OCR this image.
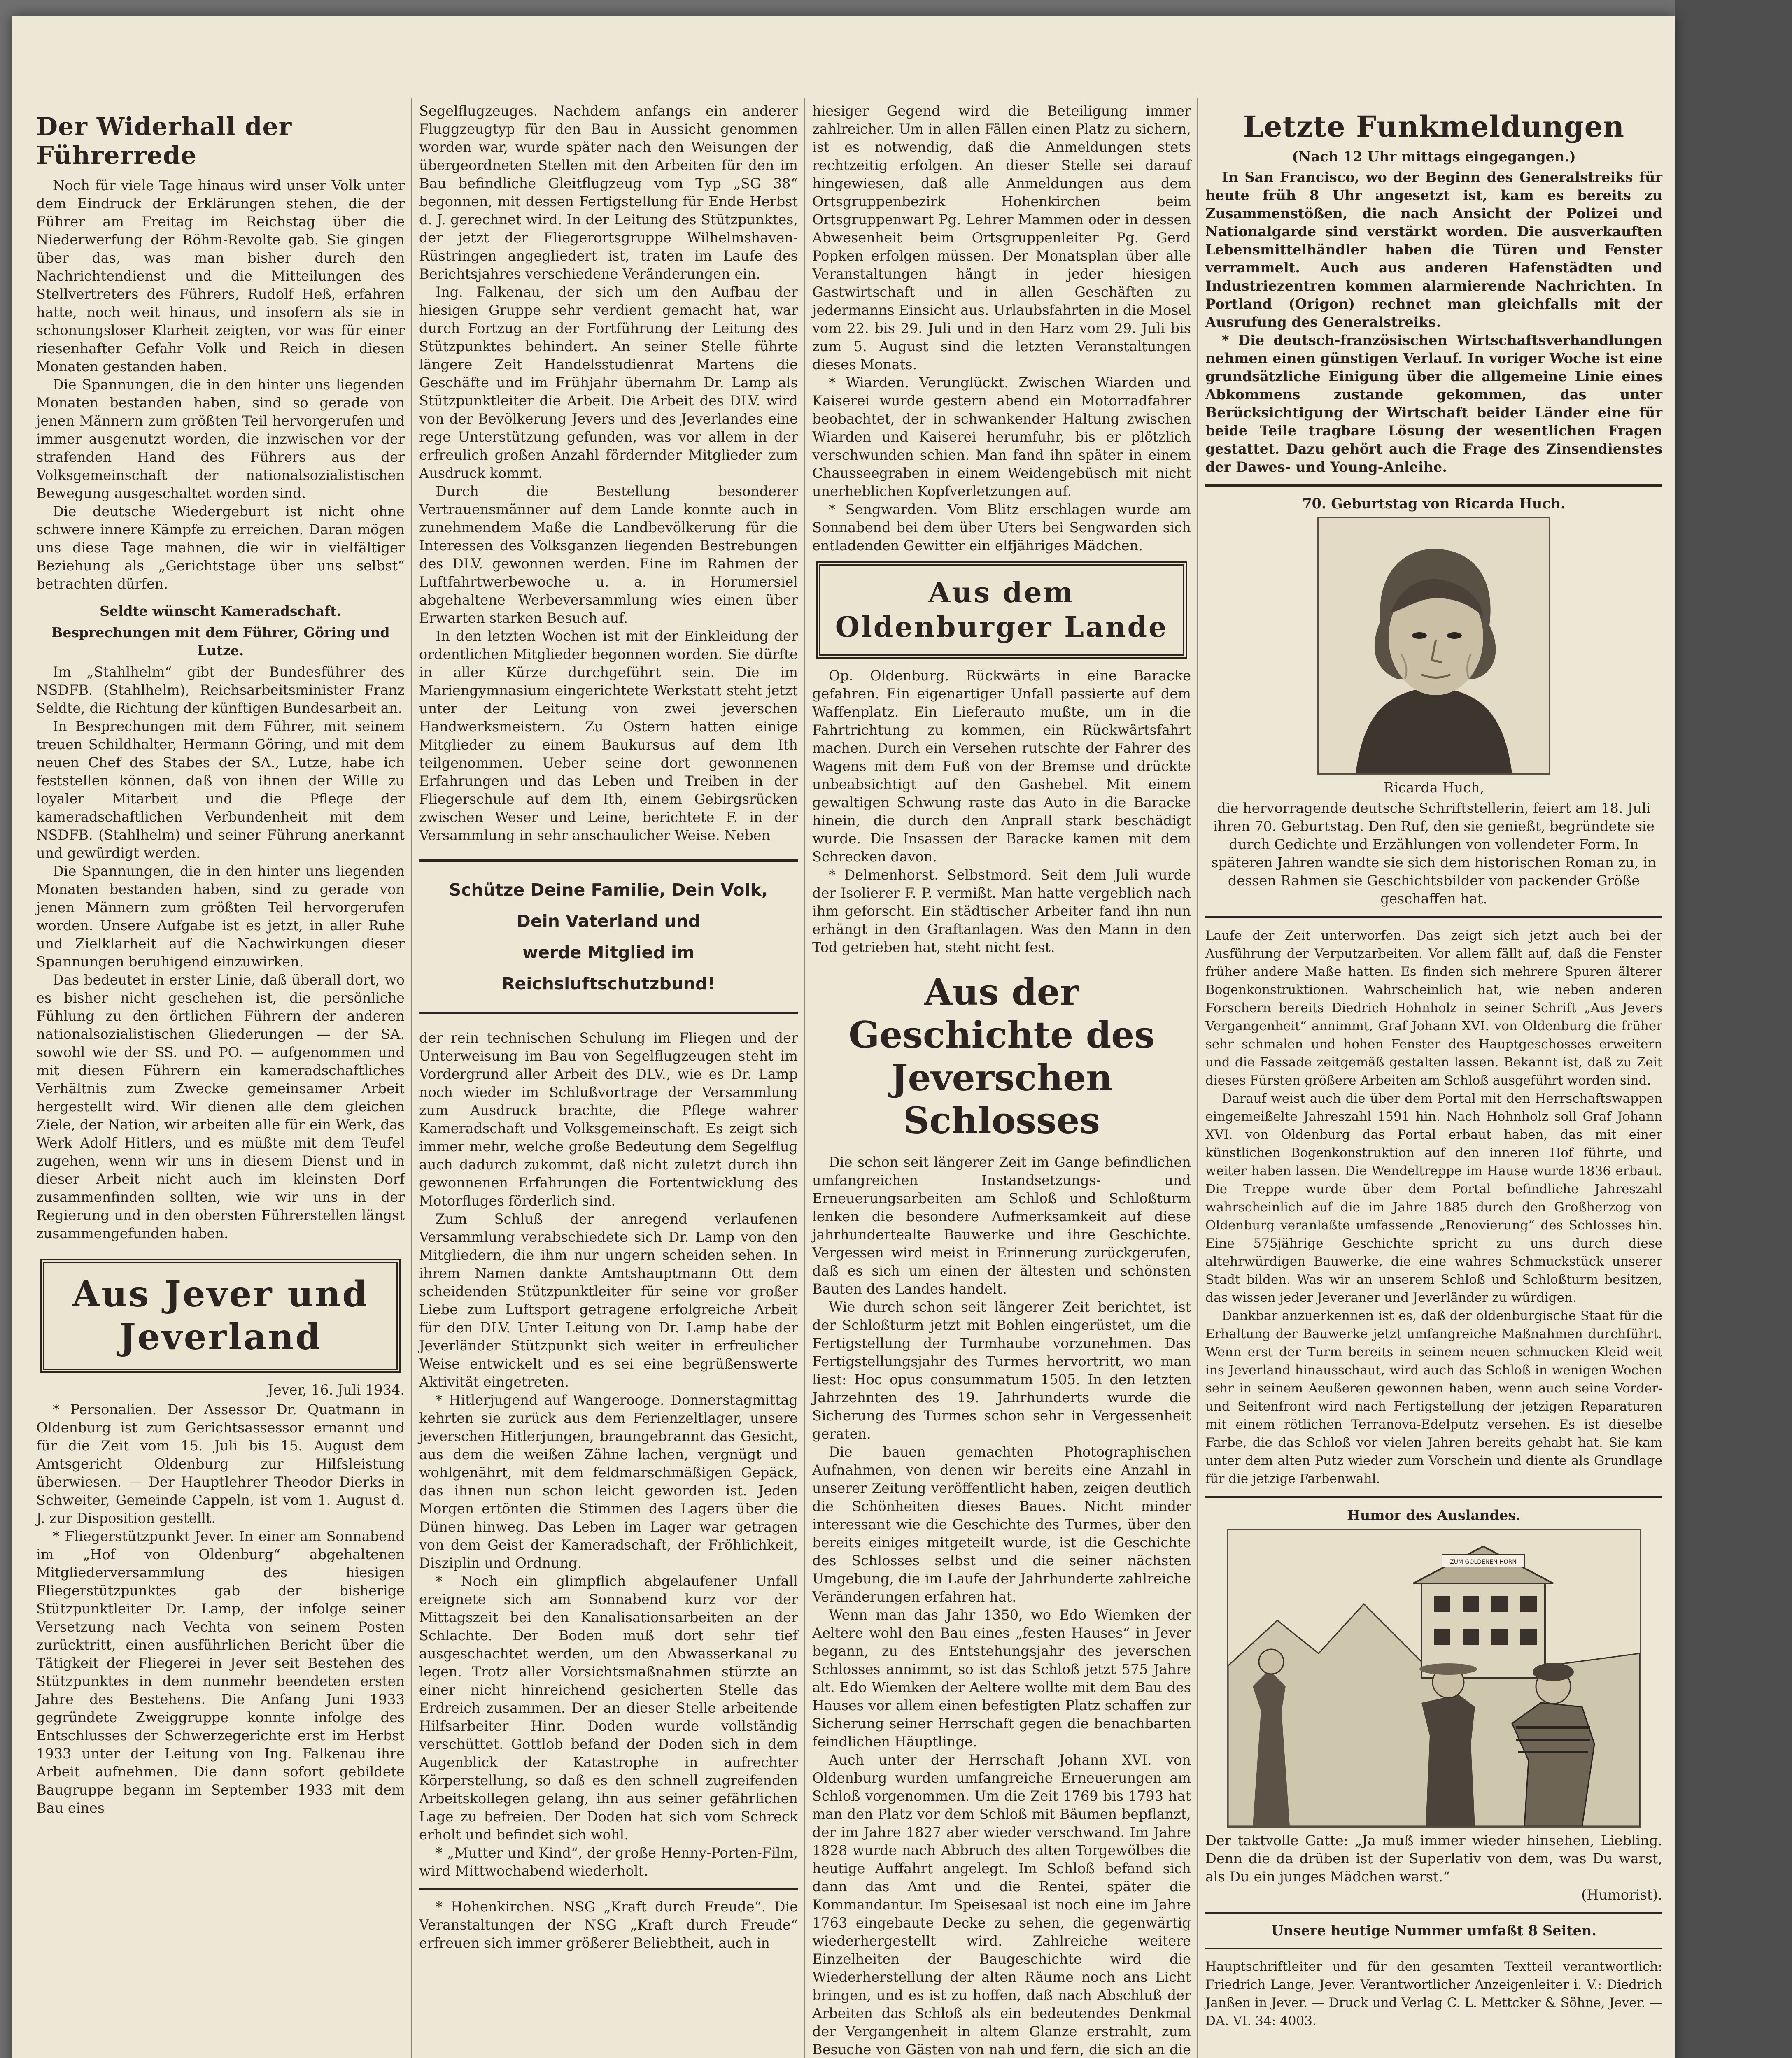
Der Widerhall der Führerrede

Noch für viele Tage hinaus wird unser Volk unter dem Eindruck der Erklärungen stehen, die der Führer am Freitag im Reichstag über die Niederwerfung der Röhm-Revolte gab. Sie gingen über das, was man bisher durch den Nachrichtendienst und die Mitteilungen des Stellvertreters des Führers, Rudolf Heß, erfahren hatte, noch weit hinaus, und insofern als sie in schonungsloser Klarheit zeigten, vor was für einer riesenhafter Gefahr Volk und Reich in diesen Monaten gestanden haben.

Die Spannungen, die in den hinter uns liegenden Monaten bestanden haben, sind so gerade von jenen Männern zum größten Teil hervorgerufen und immer ausgenutzt worden, die inzwischen vor der strafenden Hand des Führers aus der Volksgemeinschaft der nationalsozialistischen Bewegung ausgeschaltet worden sind.

Die deutsche Wiedergeburt ist nicht ohne schwere innere Kämpfe zu erreichen. Daran mögen uns diese Tage mahnen, die wir in vielfältiger Beziehung als „Gerichtstage über uns selbst“ betrachten dürfen.

Seldte wünscht Kameradschaft.
Besprechungen mit dem Führer, Göring und Lutze.

Im „Stahlhelm“ gibt der Bundesführer des NSDFB. (Stahlhelm), Reichsarbeitsminister Franz Seldte, die Richtung der künftigen Bundesarbeit an.

In Besprechungen mit dem Führer, mit seinem treuen Schildhalter, Hermann Göring, und mit dem neuen Chef des Stabes der SA., Lutze, habe ich feststellen können, daß von ihnen der Wille zu loyaler Mitarbeit und die Pflege der kameradschaftlichen Verbundenheit mit dem NSDFB. (Stahlhelm) und seiner Führung anerkannt und gewürdigt werden.

Die Spannungen, die in den hinter uns liegenden Monaten bestanden haben, sind zu gerade von jenen Männern zum größten Teil hervorgerufen worden. Unsere Aufgabe ist es jetzt, in aller Ruhe und Zielklarheit auf die Nachwirkungen dieser Spannungen beruhigend einzuwirken.

Das bedeutet in erster Linie, daß überall dort, wo es bisher nicht geschehen ist, die persönliche Fühlung zu den örtlichen Führern der anderen nationalsozialistischen Gliederungen — der SA. sowohl wie der SS. und PO. — aufgenommen und mit diesen Führern ein kameradschaftliches Verhältnis zum Zwecke gemeinsamer Arbeit hergestellt wird. Wir dienen alle dem gleichen Ziele, der Nation, wir arbeiten alle für ein Werk, das Werk Adolf Hitlers, und es müßte mit dem Teufel zugehen, wenn wir uns in diesem Dienst und in dieser Arbeit nicht auch im kleinsten Dorf zusammenfinden sollten, wie wir uns in der Regierung und in den obersten Führerstellen längst zusammengefunden haben.

Aus Jever und Jeverland
Jever, 16. Juli 1934.

* Personalien. Der Assessor Dr. Quatmann in Oldenburg ist zum Gerichtsassessor ernannt und für die Zeit vom 15. Juli bis 15. August dem Amtsgericht Oldenburg zur Hilfsleistung überwiesen. — Der Hauptlehrer Theodor Dierks in Schweiter, Gemeinde Cappeln, ist vom 1. August d. J. zur Disposition gestellt.

* Fliegerstützpunkt Jever. In einer am Sonnabend im „Hof von Oldenburg“ abgehaltenen Mitgliederversammlung des hiesigen Fliegerstützpunktes gab der bisherige Stützpunktleiter Dr. Lamp, der infolge seiner Versetzung nach Vechta von seinem Posten zurücktritt, einen ausführlichen Bericht über die Tätigkeit der Fliegerei in Jever seit Bestehen des Stützpunktes in dem nunmehr beendeten ersten Jahre des Bestehens. Die Anfang Juni 1933 gegründete Zweiggruppe konnte infolge des Entschlusses der Schwerzegerichte erst im Herbst 1933 unter der Leitung von Ing. Falkenau ihre Arbeit aufnehmen. Die dann sofort gebildete Baugruppe begann im September 1933 mit dem Bau eines

Segelflugzeuges. Nachdem anfangs ein anderer Fluggzeugtyp für den Bau in Aussicht genommen worden war, wurde später nach den Weisungen der übergeordneten Stellen mit den Arbeiten für den im Bau befindliche Gleitflugzeug vom Typ „SG 38“ begonnen, mit dessen Fertigstellung für Ende Herbst d. J. gerechnet wird. In der Leitung des Stützpunktes, der jetzt der Fliegerortsgruppe Wilhelmshaven-Rüstringen angegliedert ist, traten im Laufe des Berichtsjahres verschiedene Veränderungen ein.

Ing. Falkenau, der sich um den Aufbau der hiesigen Gruppe sehr verdient gemacht hat, war durch Fortzug an der Fortführung der Leitung des Stützpunktes behindert. An seiner Stelle führte längere Zeit Handelsstudienrat Martens die Geschäfte und im Frühjahr übernahm Dr. Lamp als Stützpunktleiter die Arbeit. Die Arbeit des DLV. wird von der Bevölkerung Jevers und des Jeverlandes eine rege Unterstützung gefunden, was vor allem in der erfreulich großen Anzahl fördernder Mitglieder zum Ausdruck kommt.

Durch die Bestellung besonderer Vertrauensmänner auf dem Lande konnte auch in zunehmendem Maße die Landbevölkerung für die Interessen des Volksganzen liegenden Bestrebungen des DLV. gewonnen werden. Eine im Rahmen der Luftfahrtwerbewoche u. a. in Horumersiel abgehaltene Werbeversammlung wies einen über Erwarten starken Besuch auf.

In den letzten Wochen ist mit der Einkleidung der ordentlichen Mitglieder begonnen worden. Sie dürfte in aller Kürze durchgeführt sein. Die im Mariengymnasium eingerichtete Werkstatt steht jetzt unter der Leitung von zwei jeverschen Handwerksmeistern. Zu Ostern hatten einige Mitglieder zu einem Baukursus auf dem Ith teilgenommen. Ueber seine dort gewonnenen Erfahrungen und das Leben und Treiben in der Fliegerschule auf dem Ith, einem Gebirgsrücken zwischen Weser und Leine, berichtete F. in der Versammlung in sehr anschaulicher Weise. Neben

Schütze Deine Familie, Dein Volk,
Dein Vaterland und
werde Mitglied im Reichsluftschutzbund!

der rein technischen Schulung im Fliegen und der Unterweisung im Bau von Segelflugzeugen steht im Vordergrund aller Arbeit des DLV., wie es Dr. Lamp noch wieder im Schlußvortrage der Versammlung zum Ausdruck brachte, die Pflege wahrer Kameradschaft und Volksgemeinschaft. Es zeigt sich immer mehr, welche große Bedeutung dem Segelflug auch dadurch zukommt, daß nicht zuletzt durch ihn gewonnenen Erfahrungen die Fortentwicklung des Motorfluges förderlich sind.

Zum Schluß der anregend verlaufenen Versammlung verabschiedete sich Dr. Lamp von den Mitgliedern, die ihm nur ungern scheiden sehen. In ihrem Namen dankte Amtshauptmann Ott dem scheidenden Stützpunktleiter für seine vor großer Liebe zum Luftsport getragene erfolgreiche Arbeit für den DLV. Unter Leitung von Dr. Lamp habe der Jeverländer Stützpunkt sich weiter in erfreulicher Weise entwickelt und es sei eine begrüßenswerte Aktivität eingetreten.

* Hitlerjugend auf Wangerooge. Donnerstagmittag kehrten sie zurück aus dem Ferienzeltlager, unsere jeverschen Hitlerjungen, braungebrannt das Gesicht, aus dem die weißen Zähne lachen, vergnügt und wohlgenährt, mit dem feldmarschmäßigen Gepäck, das ihnen nun schon leicht geworden ist. Jeden Morgen ertönten die Stimmen des Lagers über die Dünen hinweg. Das Leben im Lager war getragen von dem Geist der Kameradschaft, der Fröhlichkeit, Disziplin und Ordnung.

* Noch ein glimpflich abgelaufener Unfall ereignete sich am Sonnabend kurz vor der Mittagszeit bei den Kanalisationsarbeiten an der Schlachte. Der Boden muß dort sehr tief ausgeschachtet werden, um den Abwasserkanal zu legen. Trotz aller Vorsichtsmaßnahmen stürzte an einer nicht hinreichend gesicherten Stelle das Erdreich zusammen. Der an dieser Stelle arbeitende Hilfsarbeiter Hinr. Doden wurde vollständig verschüttet. Gottlob befand der Doden sich in dem Augenblick der Katastrophe in aufrechter Körperstellung, so daß es den schnell zugreifenden Arbeitskollegen gelang, ihn aus seiner gefährlichen Lage zu befreien. Der Doden hat sich vom Schreck erholt und befindet sich wohl.

* „Mutter und Kind“, der große Henny-Porten-Film, wird Mittwochabend wiederholt.

* Hohenkirchen. NSG „Kraft durch Freude“. Die Veranstaltungen der NSG „Kraft durch Freude“ erfreuen sich immer größerer Beliebtheit, auch in

hiesiger Gegend wird die Beteiligung immer zahlreicher. Um in allen Fällen einen Platz zu sichern, ist es notwendig, daß die Anmeldungen stets rechtzeitig erfolgen. An dieser Stelle sei darauf hingewiesen, daß alle Anmeldungen aus dem Ortsgruppenbezirk Hohenkirchen beim Ortsgruppenwart Pg. Lehrer Mammen oder in dessen Abwesenheit beim Ortsgruppenleiter Pg. Gerd Popken erfolgen müssen. Der Monatsplan über alle Veranstaltungen hängt in jeder hiesigen Gastwirtschaft und in allen Geschäften zu jedermanns Einsicht aus. Urlaubsfahrten in die Mosel vom 22. bis 29. Juli und in den Harz vom 29. Juli bis zum 5. August sind die letzten Veranstaltungen dieses Monats.

* Wiarden. Verunglückt. Zwischen Wiarden und Kaiserei wurde gestern abend ein Motorradfahrer beobachtet, der in schwankender Haltung zwischen Wiarden und Kaiserei herumfuhr, bis er plötzlich verschwunden schien. Man fand ihn später in einem Chausseegraben in einem Weidengebüsch mit nicht unerheblichen Kopfverletzungen auf.

* Sengwarden. Vom Blitz erschlagen wurde am Sonnabend bei dem über Uters bei Sengwarden sich entladenden Gewitter ein elfjähriges Mädchen.

Aus dem Oldenburger Lande

Op. Oldenburg. Rückwärts in eine Baracke gefahren. Ein eigenartiger Unfall passierte auf dem Waffenplatz. Ein Lieferauto mußte, um in die Fahrtrichtung zu kommen, ein Rückwärtsfahrt machen. Durch ein Versehen rutschte der Fahrer des Wagens mit dem Fuß von der Bremse und drückte unbeabsichtigt auf den Gashebel. Mit einem gewaltigen Schwung raste das Auto in die Baracke hinein, die durch den Anprall stark beschädigt wurde. Die Insassen der Baracke kamen mit dem Schrecken davon.

* Delmenhorst. Selbstmord. Seit dem Juli wurde der Isolierer F. P. vermißt. Man hatte vergeblich nach ihm geforscht. Ein städtischer Arbeiter fand ihn nun erhängt in den Graftanlagen. Was den Mann in den Tod getrieben hat, steht nicht fest.

Aus der Geschichte des Jeverschen Schlosses

Die schon seit längerer Zeit im Gange befindlichen umfangreichen Instandsetzungs- und Erneuerungsarbeiten am Schloß und Schloßturm lenken die besondere Aufmerksamkeit auf diese jahrhundertealte Bauwerke und ihre Geschichte. Vergessen wird meist in Erinnerung zurückgerufen, daß es sich um einen der ältesten und schönsten Bauten des Landes handelt.

Wie durch schon seit längerer Zeit berichtet, ist der Schloßturm jetzt mit Bohlen eingerüstet, um die Fertigstellung der Turmhaube vorzunehmen. Das Fertigstellungsjahr des Turmes hervortritt, wo man liest: Hoc opus consummatum 1505. In den letzten Jahrzehnten des 19. Jahrhunderts wurde die Sicherung des Turmes schon sehr in Vergessenheit geraten.

Die bauen gemachten Photographischen Aufnahmen, von denen wir bereits eine Anzahl in unserer Zeitung veröffentlicht haben, zeigen deutlich die Schönheiten dieses Baues. Nicht minder interessant wie die Geschichte des Turmes, über den bereits einiges mitgeteilt wurde, ist die Geschichte des Schlosses selbst und die seiner nächsten Umgebung, die im Laufe der Jahrhunderte zahlreiche Veränderungen erfahren hat.

Wenn man das Jahr 1350, wo Edo Wiemken der Aeltere wohl den Bau eines „festen Hauses“ in Jever begann, zu des Entstehungsjahr des jeverschen Schlosses annimmt, so ist das Schloß jetzt 575 Jahre alt. Edo Wiemken der Aeltere wollte mit dem Bau des Hauses vor allem einen befestigten Platz schaffen zur Sicherung seiner Herrschaft gegen die benachbarten feindlichen Häuptlinge.

Auch unter der Herrschaft Johann XVI. von Oldenburg wurden umfangreiche Erneuerungen am Schloß vorgenommen. Um die Zeit 1769 bis 1793 hat man den Platz vor dem Schloß mit Bäumen bepflanzt, der im Jahre 1827 aber wieder verschwand. Im Jahre 1828 wurde nach Abbruch des alten Torgewölbes die heutige Auffahrt angelegt. Im Schloß befand sich dann das Amt und die Rentei, später die Kommandantur. Im Speisesaal ist noch eine im Jahre 1763 eingebaute Decke zu sehen, die gegenwärtig wiederhergestellt wird. Zahlreiche weitere Einzelheiten der Baugeschichte wird die Wiederherstellung der alten Räume noch ans Licht bringen, und es ist zu hoffen, daß nach Abschluß der Arbeiten das Schloß als ein bedeutendes Denkmal der Vergangenheit in altem Glanze erstrahlt, zum Besuche von Gästen von nah und fern, die sich an die

Letzte Funkmeldungen
(Nach 12 Uhr mittags eingegangen.)

In San Francisco, wo der Beginn des Generalstreiks für heute früh 8 Uhr angesetzt ist, kam es bereits zu Zusammenstößen, die nach Ansicht der Polizei und Nationalgarde sind verstärkt worden. Die ausverkauften Lebensmittelhändler haben die Türen und Fenster verrammelt. Auch aus anderen Hafenstädten und Industriezentren kommen alarmierende Nachrichten. In Portland (Origon) rechnet man gleichfalls mit der Ausrufung des Generalstreiks.

* Die deutsch-französischen Wirtschaftsverhandlungen nehmen einen günstigen Verlauf. In voriger Woche ist eine grundsätzliche Einigung über die allgemeine Linie eines Abkommens zustande gekommen, das unter Berücksichtigung der Wirtschaft beider Länder eine für beide Teile tragbare Lösung der wesentlichen Fragen gestattet. Dazu gehört auch die Frage des Zinsendienstes der Dawes- und Young-Anleihe.

70. Geburtstag von Ricarda Huch.
Ricarda Huch,

die hervorragende deutsche Schriftstellerin, feiert am 18. Juli ihren 70. Geburtstag. Den Ruf, den sie genießt, begründete sie durch Gedichte und Erzählungen von vollendeter Form. In späteren Jahren wandte sie sich dem historischen Roman zu, in dessen Rahmen sie Geschichtsbilder von packender Größe geschaffen hat.

Laufe der Zeit unterworfen. Das zeigt sich jetzt auch bei der Ausführung der Verputzarbeiten. Vor allem fällt auf, daß die Fenster früher andere Maße hatten. Es finden sich mehrere Spuren älterer Bogenkonstruktionen. Wahrscheinlich hat, wie neben anderen Forschern bereits Diedrich Hohnholz in seiner Schrift „Aus Jevers Vergangenheit“ annimmt, Graf Johann XVI. von Oldenburg die früher sehr schmalen und hohen Fenster des Hauptgeschosses erweitern und die Fassade zeitgemäß gestalten lassen. Bekannt ist, daß zu Zeit dieses Fürsten größere Arbeiten am Schloß ausgeführt worden sind.

Darauf weist auch die über dem Portal mit den Herrschaftswappen eingemeißelte Jahreszahl 1591 hin. Nach Hohnholz soll Graf Johann XVI. von Oldenburg das Portal erbaut haben, das mit einer künstlichen Bogenkonstruktion auf den inneren Hof führte, und weiter haben lassen. Die Wendeltreppe im Hause wurde 1836 erbaut. Die Treppe wurde über dem Portal befindliche Jahreszahl wahrscheinlich auf die im Jahre 1885 durch den Großherzog von Oldenburg veranlaßte umfassende „Renovierung“ des Schlosses hin. Eine 575jährige Geschichte spricht zu uns durch diese altehrwürdigen Bauwerke, die eine wahres Schmuckstück unserer Stadt bilden. Was wir an unserem Schloß und Schloßturm besitzen, das wissen jeder Jeveraner und Jeverländer zu würdigen.

Dankbar anzuerkennen ist es, daß der oldenburgische Staat für die Erhaltung der Bauwerke jetzt umfangreiche Maßnahmen durchführt. Wenn erst der Turm bereits in seinem neuen schmucken Kleid weit ins Jeverland hinausschaut, wird auch das Schloß in wenigen Wochen sehr in seinem Aeußeren gewonnen haben, wenn auch seine Vorder- und Seitenfront wird nach Fertigstellung der jetzigen Reparaturen mit einem rötlichen Terranova-Edelputz versehen. Es ist dieselbe Farbe, die das Schloß vor vielen Jahren bereits gehabt hat. Sie kam unter dem alten Putz wieder zum Vorschein und diente als Grundlage für die jetzige Farbenwahl.

Humor des Auslandes.
ZUM GOLDENEN HORN

Der taktvolle Gatte: „Ja muß immer wieder hinsehen, Liebling. Denn die da drüben ist der Superlativ von dem, was Du warst, als Du ein junges Mädchen warst.“

(Humorist).
Unsere heutige Nummer umfaßt 8 Seiten.

Hauptschriftleiter und für den gesamten Textteil verantwortlich: Friedrich Lange, Jever. Verantwortlicher Anzeigenleiter i. V.: Diedrich Janßen in Jever. — Druck und Verlag C. L. Mettcker & Söhne, Jever. — DA. VI. 34: 4003.
